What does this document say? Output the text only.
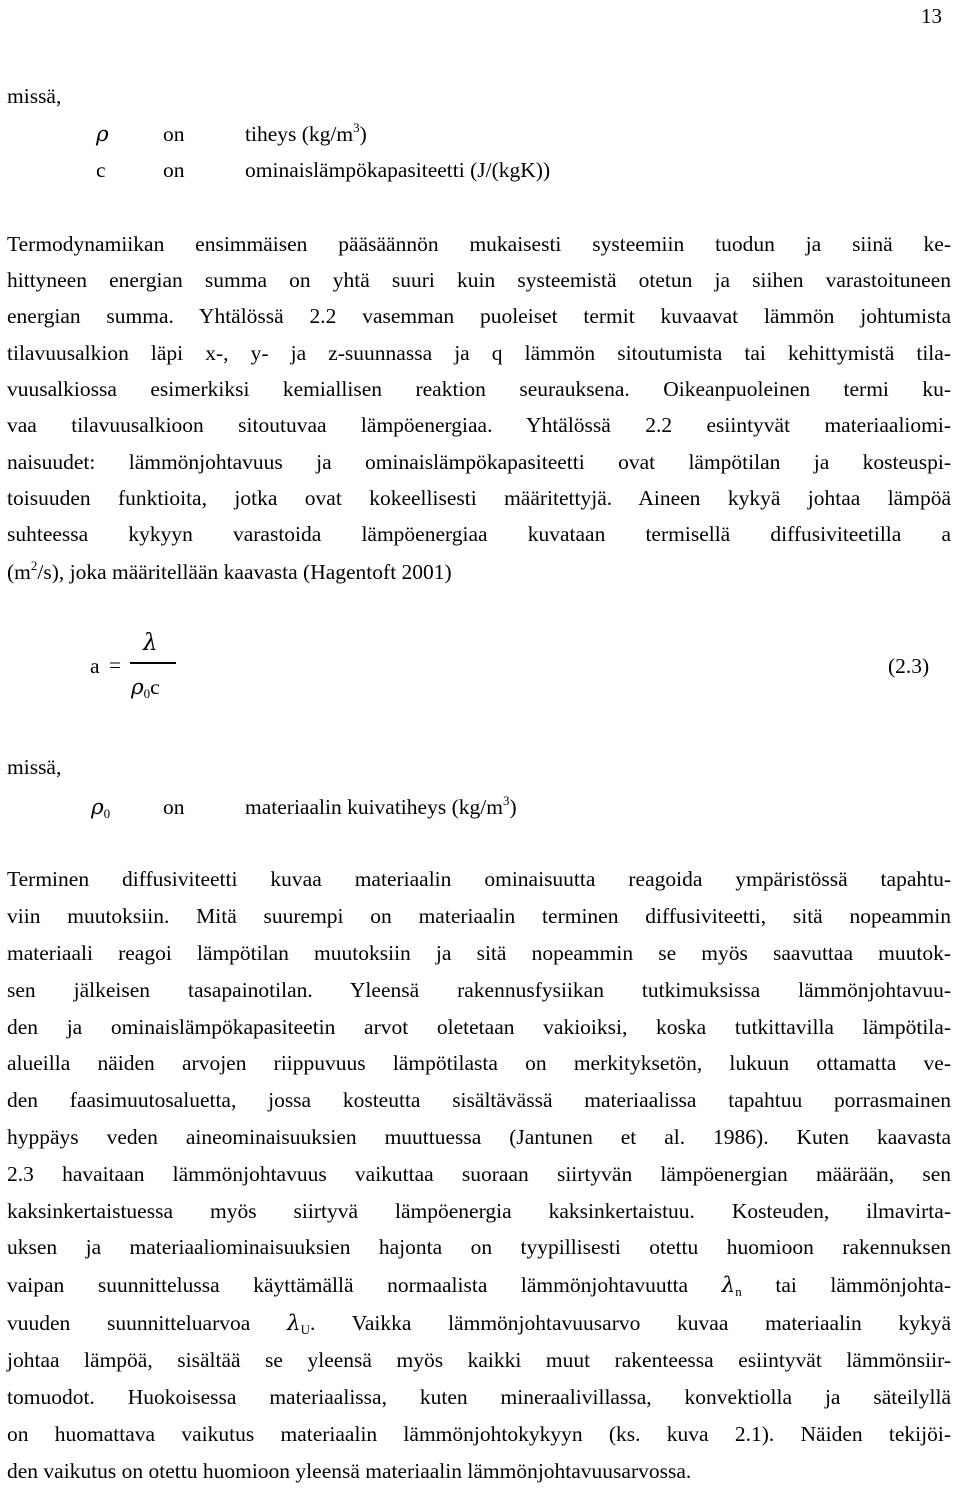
13
missä,
ρ	on	tiheys $(kg/m^3)$
c	on	ominaislämpökapasiteetti (J/(kgK))
Termodynamiikan ensimmäisen pääsäännön mukaisesti systeemiin tuodun ja siinä ke-
hittyneen energian summa on yhtä suuri kuin systeemistä otetun ja siihen varastoituneen
energian summa. Yhtälössä 2.2 vasemman puoleiset termit kuvaavat lämmön johtumista
tilavuusalkion läpi x-, y- ja z-suunnassa ja q lämmön sitoutumista tai kehittymistä tila-
vuusalkiossa esimerkiksi kemiallisen reaktion seurauksena. Oikeanpuoleinen termi ku-
vaa tilavuusalkioon sitoutuvaa lämpöenergiaa. Yhtälössä 2.2 esiintyvät materiaaliomi-
naisuudet: lämmönjohtavuus ja ominaislämpökapasiteetti ovat lämpötilan ja kosteuspi-
toisuuden funktioita, jotka ovat kokeellisesti määritettyjä. Aineen kykyä johtaa lämpöä
suhteessa kykyyn varastoida lämpöenergiaa kuvataan termisellä diffusiviteetilla a
$(m^2/s)$, joka määritellään kaavasta (Hagentoft 2001)
a =
λ
$\rho_0c$
(2.3)
missä,
$\rho_0$ on	materiaalin kuivatiheys $(kg/m^3)$
Terminen diffusiviteetti kuvaa materiaalin ominaisuutta reagoida ympäristössä tapahtu-
viin muutoksiin. Mitä suurempi on materiaalin terminen diffusiviteetti, sitä nopeammin
materiaali reagoi lämpötilan muutoksiin ja sitä nopeammin se myös saavuttaa muutok-
sen jälkeisen tasapainotilan. Yleensä rakennusfysiikan tutkimuksissa lämmönjohtavuu-
den ja ominaislämpökapasiteetin arvot oletetaan vakioiksi, koska tutkittavilla lämpötila-
alueilla näiden arvojen riippuvuus lämpötilasta on merkityksetön, lukuun ottamatta ve-
den faasimuutosaluetta, jossa kosteutta sisältävässä materiaalissa tapahtuu porrasmainen
hyppäys veden aineominaisuuksien muuttuessa (Jantunen et al. 1986). Kuten kaavasta
2.3 havaitaan lämmönjohtavuus vaikuttaa suoraan siirtyvän lämpöenergian määrään, sen
kaksinkertaistuessa myös siirtyvä lämpöenergia kaksinkertaistuu. Kosteuden, ilmavirta-
uksen ja materiaaliominaisuuksien hajonta on tyypillisesti otettu huomioon rakennuksen
vaipan suunnittelussa käyttämällä normaalista lämmönjohtavuutta $\lambda_n$ tai lämmönjohta-
vuuden suunnitteluarvoa $\lambda_U$. Vaikka lämmönjohtavuusarvo kuvaa materiaalin kykyä
johtaa lämpöä, sisältää se yleensä myös kaikki muut rakenteessa esiintyvät lämmönsiir-
tomuodot. Huokoisessa materiaalissa, kuten mineraalivillassa, konvektiolla ja säteilyllä
on huomattava vaikutus materiaalin lämmönjohtokykyyn (ks. kuva 2.1). Näiden tekijöi-
den vaikutus on otettu huomioon yleensä materiaalin lämmönjohtavuusarvossa.
